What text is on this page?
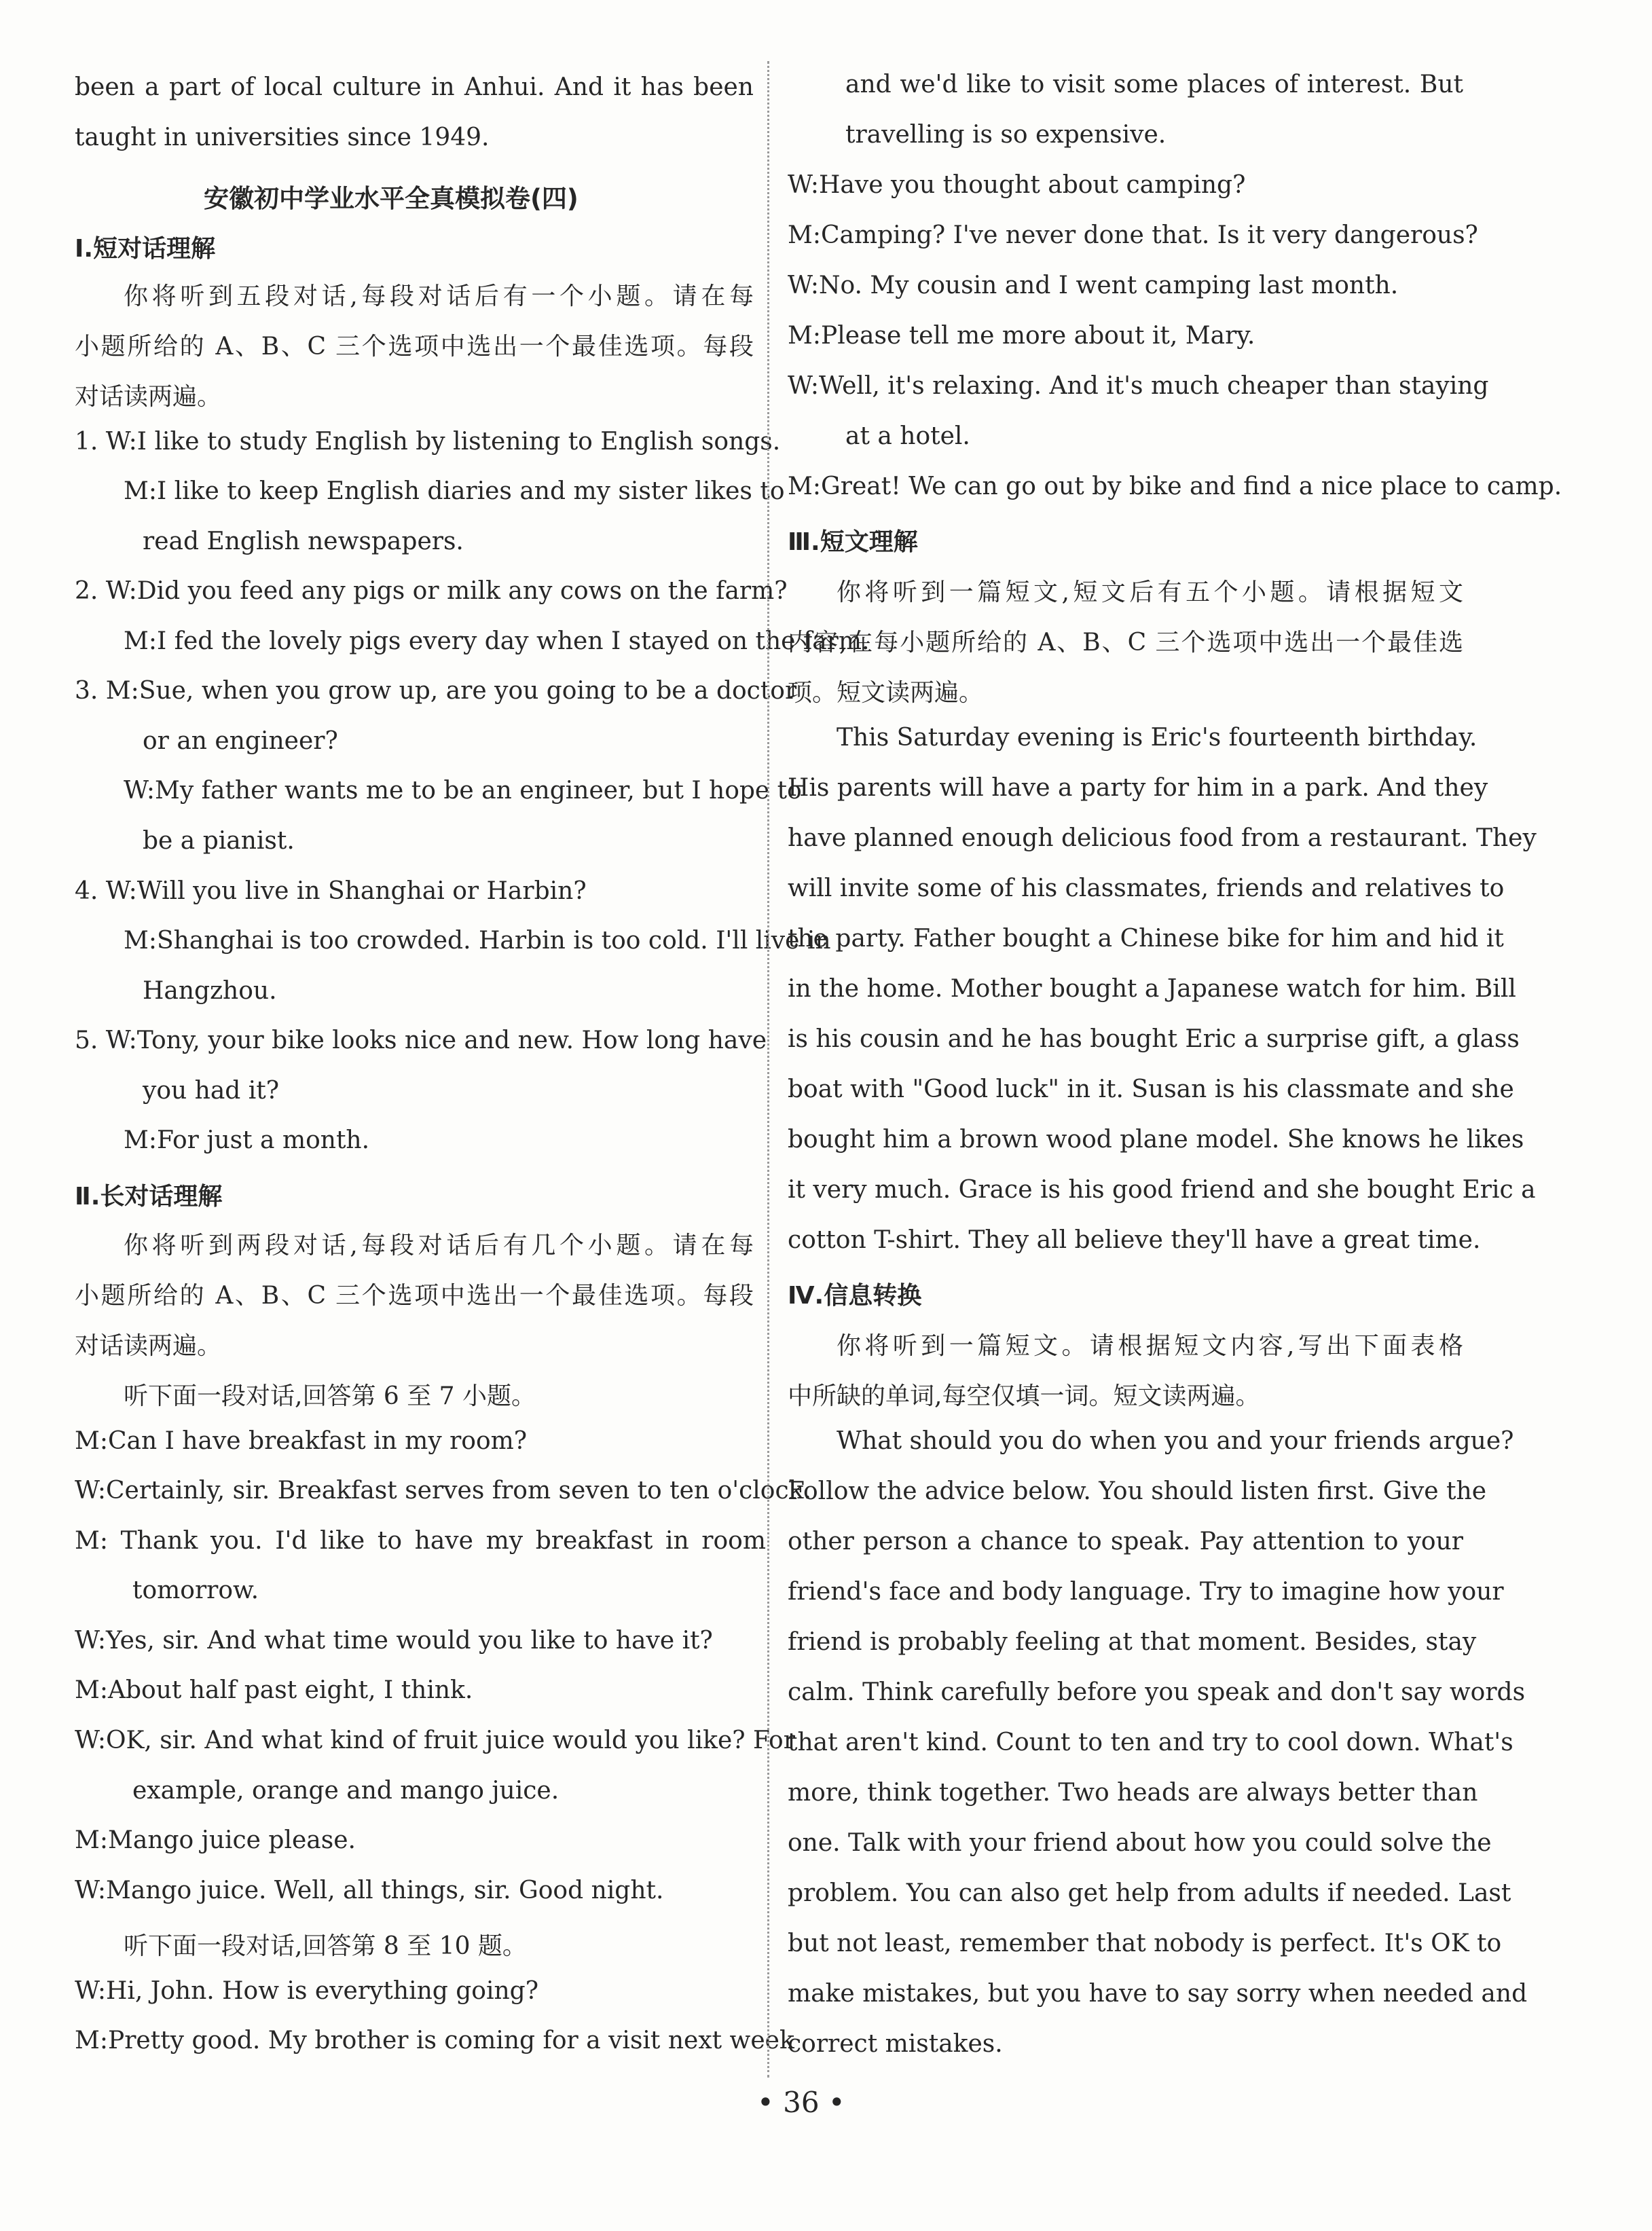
been a part of local culture in Anhui. And it has been
taught in universities since 1949.
安徽初中学业水平全真模拟卷(四)
Ⅰ.短对话理解
你将听到五段对话,每段对话后有一个小题。请在每
小题所给的 A、B、C 三个选项中选出一个最佳选项。每段
对话读两遍。
1. W:I like to study English by listening to English songs.
M:I like to keep English diaries and my sister likes to
read English newspapers.
2. W:Did you feed any pigs or milk any cows on the farm?
M:I fed the lovely pigs every day when I stayed on the farm.
3. M:Sue, when you grow up, are you going to be a doctor
or an engineer?
W:My father wants me to be an engineer, but I hope to
be a pianist.
4. W:Will you live in Shanghai or Harbin?
M:Shanghai is too crowded. Harbin is too cold. I'll live in
Hangzhou.
5. W:Tony, your bike looks nice and new. How long have
you had it?
M:For just a month.
Ⅱ.长对话理解
你将听到两段对话,每段对话后有几个小题。请在每
小题所给的 A、B、C 三个选项中选出一个最佳选项。每段
对话读两遍。
听下面一段对话,回答第 6 至 7 小题。
M:Can I have breakfast in my room?
W:Certainly, sir. Breakfast serves from seven to ten o'clock.
M: Thank you. I'd like to have my breakfast in room
tomorrow.
W:Yes, sir. And what time would you like to have it?
M:About half past eight, I think.
W:OK, sir. And what kind of fruit juice would you like? For
example, orange and mango juice.
M:Mango juice please.
W:Mango juice. Well, all things, sir. Good night.
听下面一段对话,回答第 8 至 10 题。
W:Hi, John. How is everything going?
M:Pretty good. My brother is coming for a visit next week
and we'd like to visit some places of interest. But
travelling is so expensive.
W:Have you thought about camping?
M:Camping? I've never done that. Is it very dangerous?
W:No. My cousin and I went camping last month.
M:Please tell me more about it, Mary.
W:Well, it's relaxing. And it's much cheaper than staying
at a hotel.
M:Great! We can go out by bike and find a nice place to camp.
Ⅲ.短文理解
你将听到一篇短文,短文后有五个小题。请根据短文
内容,在每小题所给的 A、B、C 三个选项中选出一个最佳选
项。短文读两遍。
This Saturday evening is Eric's fourteenth birthday.
His parents will have a party for him in a park. And they
have planned enough delicious food from a restaurant. They
will invite some of his classmates, friends and relatives to
the party. Father bought a Chinese bike for him and hid it
in the home. Mother bought a Japanese watch for him. Bill
is his cousin and he has bought Eric a surprise gift, a glass
boat with "Good luck" in it. Susan is his classmate and she
bought him a brown wood plane model. She knows he likes
it very much. Grace is his good friend and she bought Eric a
cotton T-shirt. They all believe they'll have a great time.
Ⅳ.信息转换
你将听到一篇短文。请根据短文内容,写出下面表格
中所缺的单词,每空仅填一词。短文读两遍。
What should you do when you and your friends argue?
Follow the advice below. You should listen first. Give the
other person a chance to speak. Pay attention to your
friend's face and body language. Try to imagine how your
friend is probably feeling at that moment. Besides, stay
calm. Think carefully before you speak and don't say words
that aren't kind. Count to ten and try to cool down. What's
more, think together. Two heads are always better than
one. Talk with your friend about how you could solve the
problem. You can also get help from adults if needed. Last
but not least, remember that nobody is perfect. It's OK to
make mistakes, but you have to say sorry when needed and
correct mistakes.
• 36 •
